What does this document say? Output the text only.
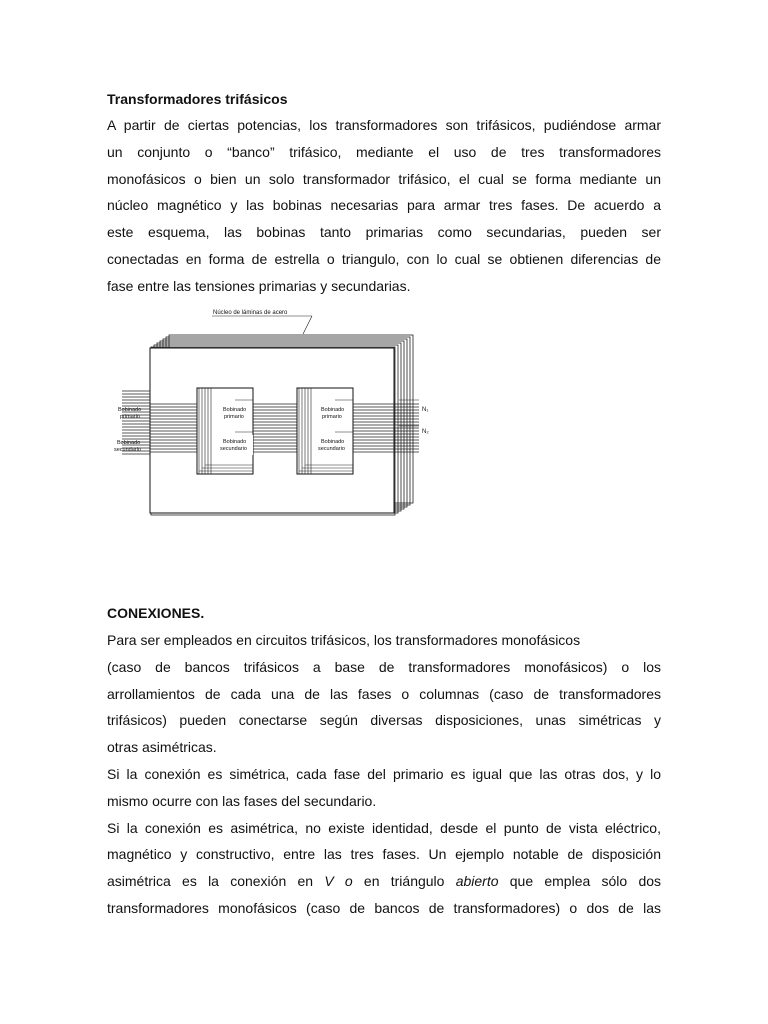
Transformadores trifásicos

A partir de ciertas potencias, los transformadores son trifásicos, pudiéndose armar

un conjunto o “banco” trifásico, mediante el uso de tres transformadores

monofásicos o bien un solo transformador trifásico, el cual se forma mediante un

núcleo magnético y las bobinas necesarias para armar tres fases. De acuerdo a

este esquema, las bobinas tanto primarias como secundarias, pueden ser

conectadas en forma de estrella o triangulo, con lo cual se obtienen diferencias de

fase entre las tensiones primarias y secundarias.

Núcleo de láminas de acero
Bobinado
primario
Bobinado
secundario
Bobinado
primario
Bobinado
secundario
Bobinado
primario
Bobinado
secundario
N₁
N₂

CONEXIONES.

Para ser empleados en circuitos trifásicos, los transformadores monofásicos

(caso de bancos trifásicos a base de transformadores monofásicos) o los

arrollamientos de cada una de las fases o columnas (caso de transformadores

trifásicos) pueden conectarse según diversas disposiciones, unas simétricas y

otras asimétricas.

Si la conexión es simétrica, cada fase del primario es igual que las otras dos, y lo

mismo ocurre con las fases del secundario.

Si la conexión es asimétrica, no existe identidad, desde el punto de vista eléctrico,

magnético y constructivo, entre las tres fases. Un ejemplo notable de disposición

asimétrica es la conexión en V o en triángulo abierto que emplea sólo dos

transformadores monofásicos (caso de bancos de transformadores) o dos de las
